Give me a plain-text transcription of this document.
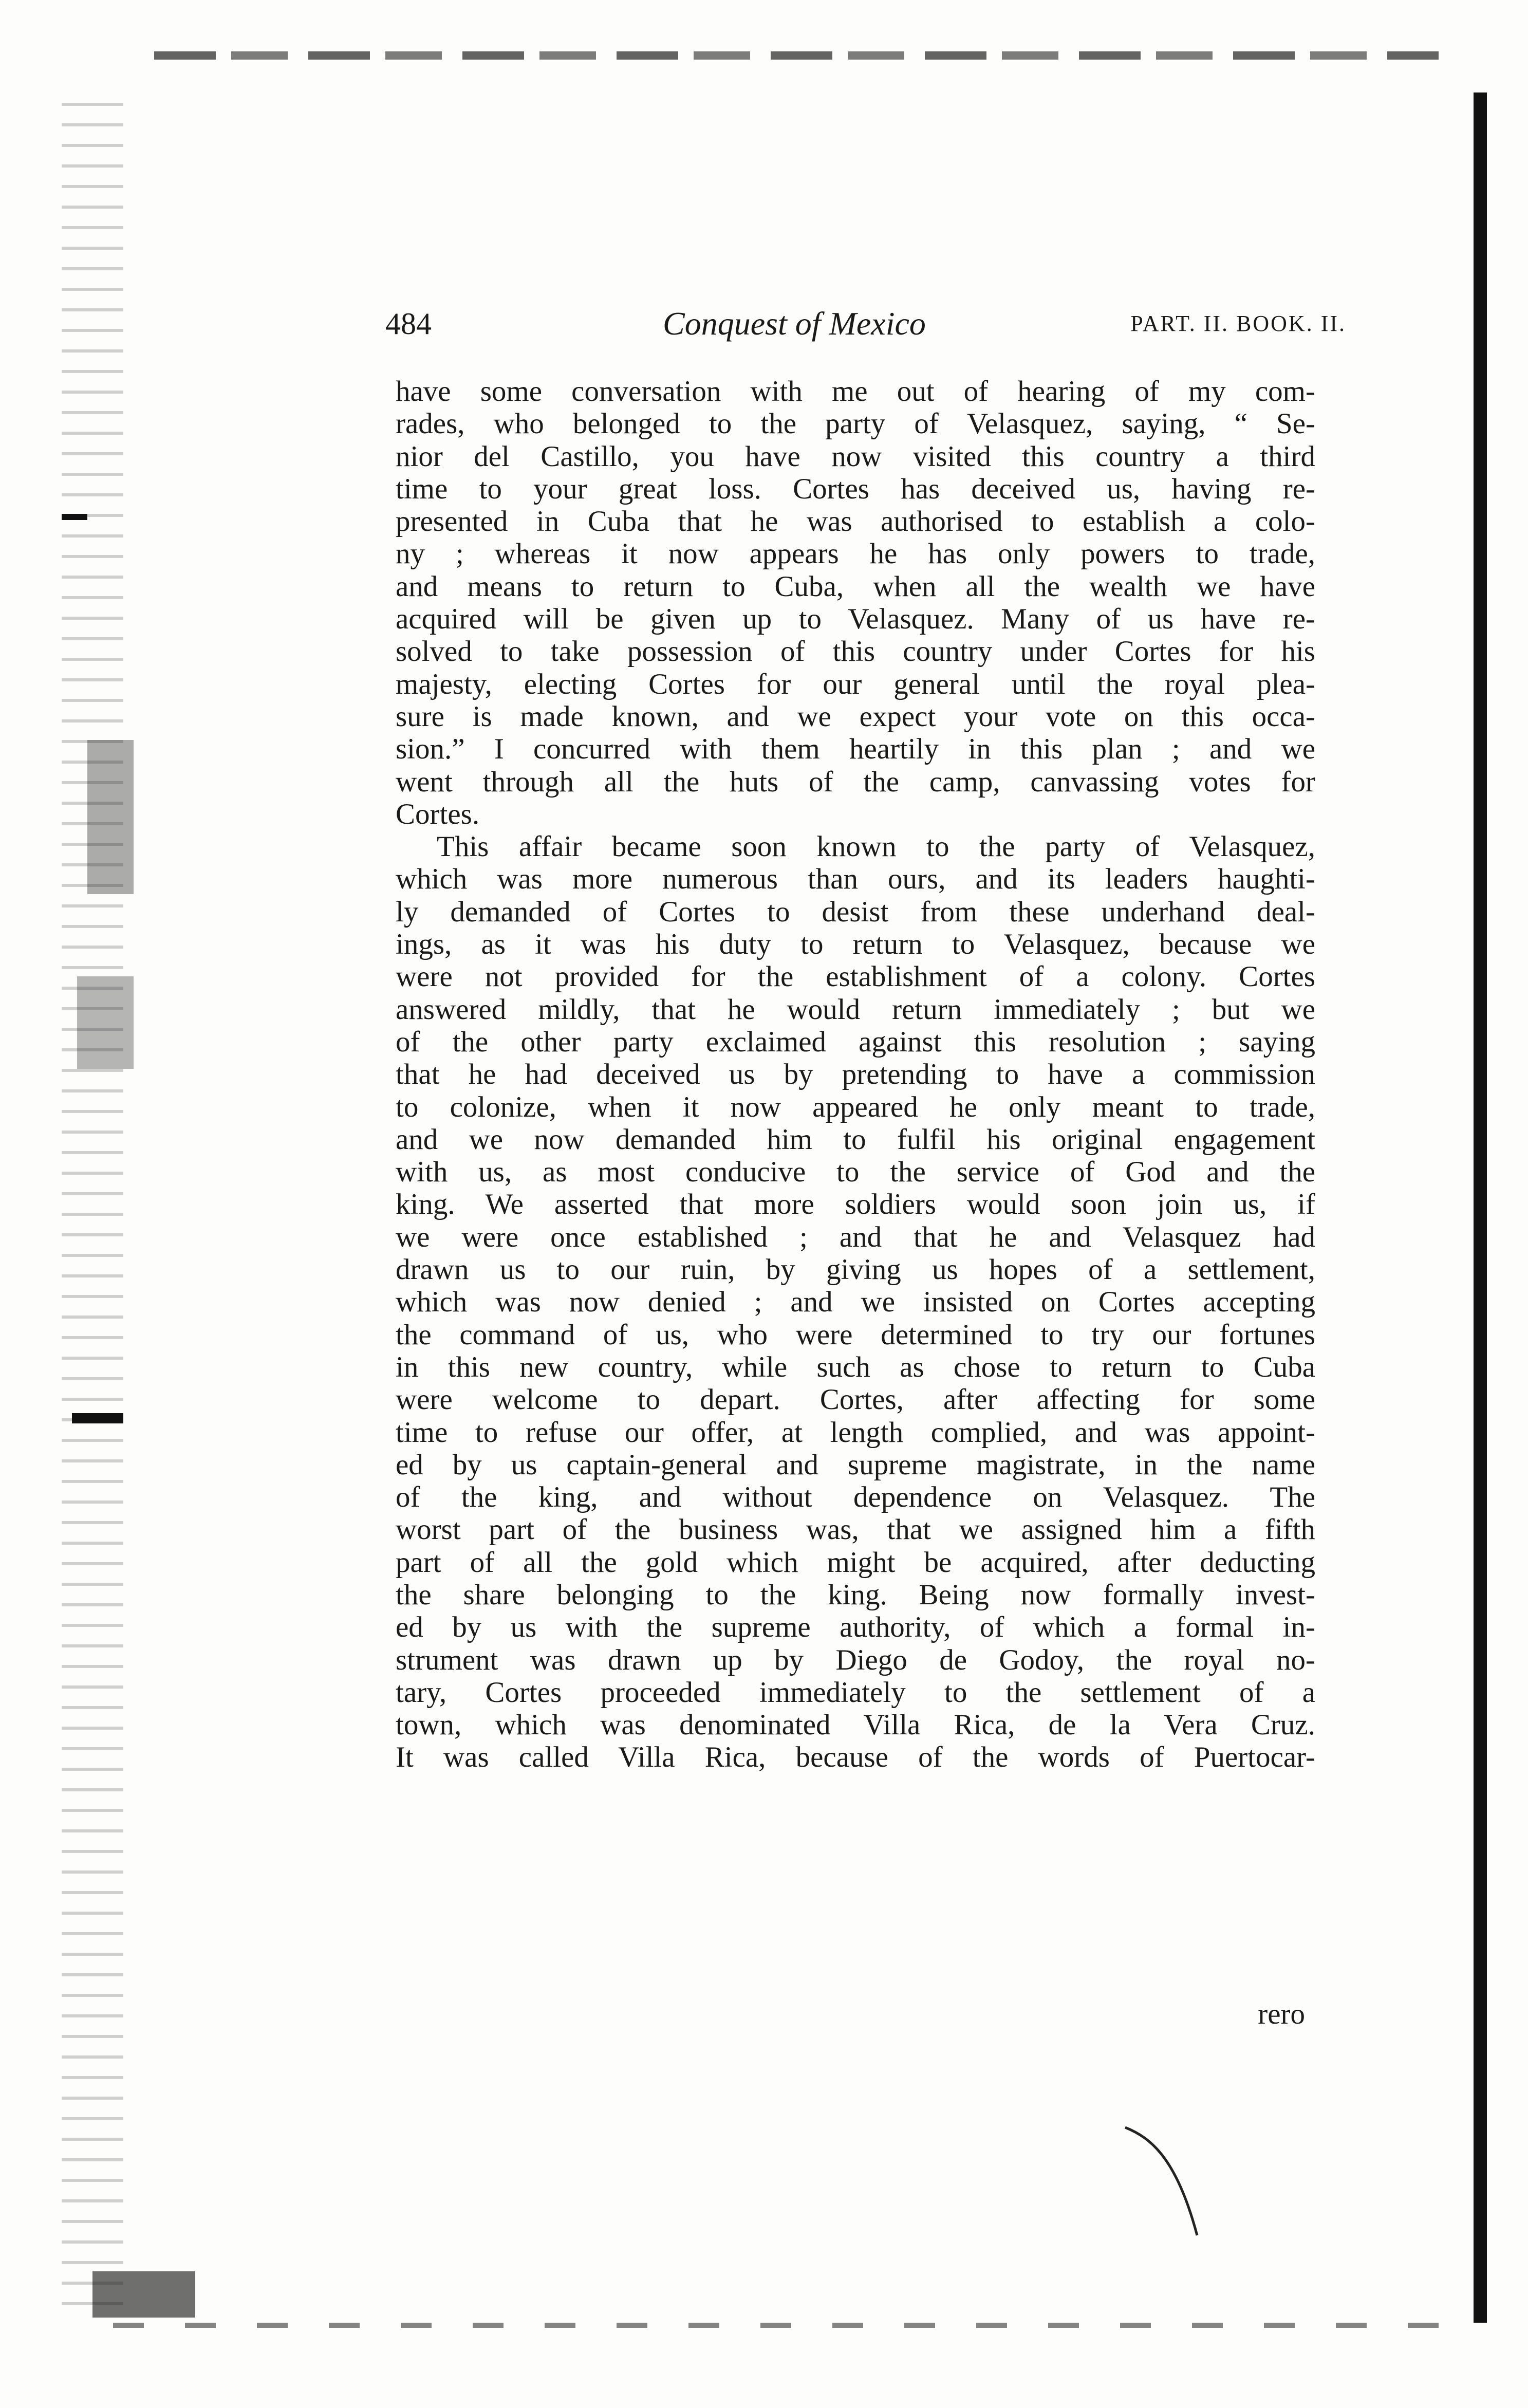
484	Conquest of Mexico	PART. II. BOOK. II.
have some conversation with me out of hearing of my com-
rades, who belonged to the party of Velasquez, saying, “ Se-
nior del Castillo, you have now visited this country a third
time to your great loss. Cortes has deceived us, having re-
presented in Cuba that he was authorised to establish a colo-
ny ; whereas it now appears he has only powers to trade,
and means to return to Cuba, when all the wealth we have
acquired will be given up to Velasquez. Many of us have re-
solved to take possession of this country under Cortes for his
majesty, electing Cortes for our general until the royal plea-
sure is made known, and we expect your vote on this occa-
sion.” I concurred with them heartily in this plan ; and we
went through all the huts of the camp, canvassing votes for
Cortes.
This affair became soon known to the party of Velasquez,
which was more numerous than ours, and its leaders haughti-
ly demanded of Cortes to desist from these underhand deal-
ings, as it was his duty to return to Velasquez, because we
were not provided for the establishment of a colony. Cortes
answered mildly, that he would return immediately ; but we
of the other party exclaimed against this resolution ; saying
that he had deceived us by pretending to have a commission
to colonize, when it now appeared he only meant to trade,
and we now demanded him to fulfil his original engagement
with us, as most conducive to the service of God and the
king. We asserted that more soldiers would soon join us, if
we were once established ; and that he and Velasquez had
drawn us to our ruin, by giving us hopes of a settlement,
which was now denied ; and we insisted on Cortes accepting
the command of us, who were determined to try our fortunes
in this new country, while such as chose to return to Cuba
were welcome to depart. Cortes, after affecting for some
time to refuse our offer, at length complied, and was appoint-
ed by us captain-general and supreme magistrate, in the name
of the king, and without dependence on Velasquez. The
worst part of the business was, that we assigned him a fifth
part of all the gold which might be acquired, after deducting
the share belonging to the king. Being now formally invest-
ed by us with the supreme authority, of which a formal in-
strument was drawn up by Diego de Godoy, the royal no-
tary, Cortes proceeded immediately to the settlement of a
town, which was denominated Villa Rica, de la Vera Cruz.
It was called Villa Rica, because of the words of Puertocar-
rero
